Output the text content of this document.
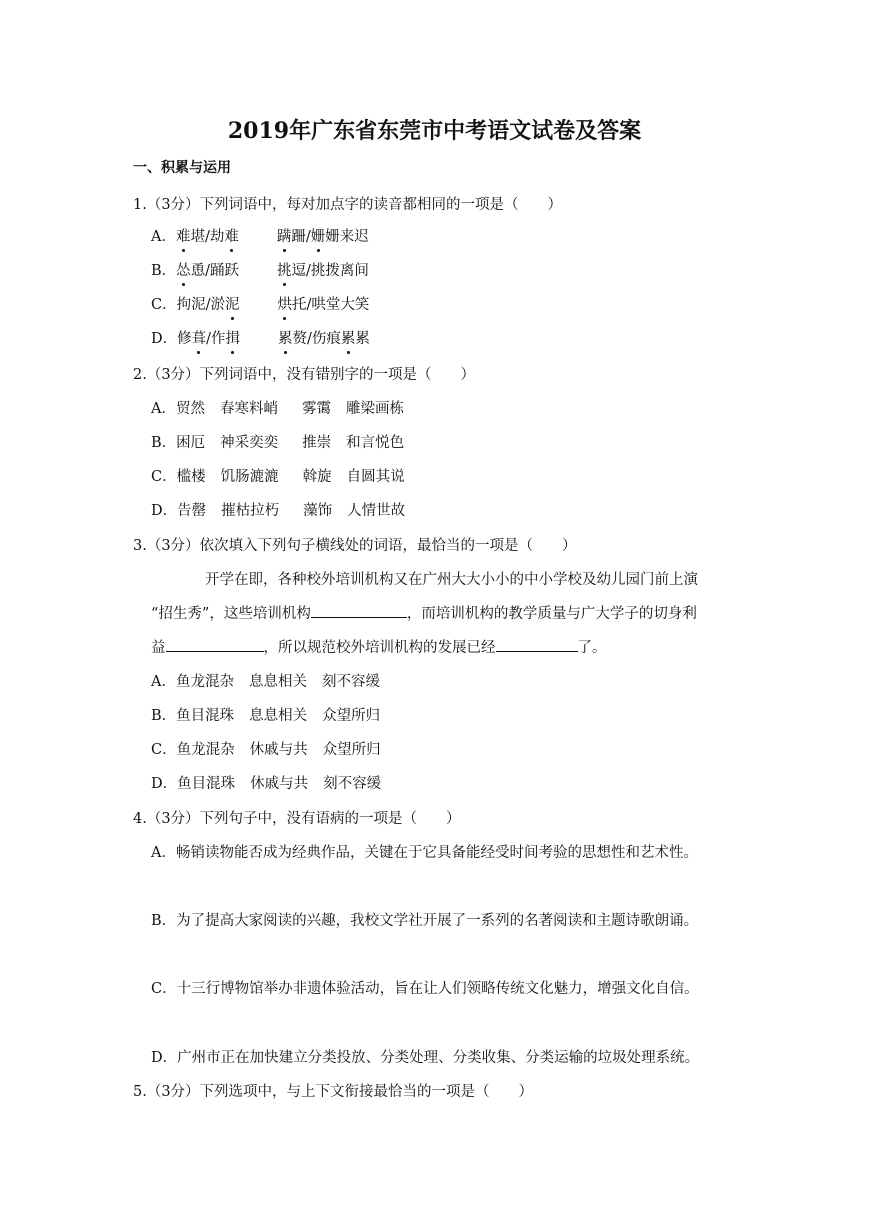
2019年广东省东莞市中考语文试卷及答案
一、积累与运用
1.（3分）下列词语中，每对加点字的读音都相同的一项是（　　）
A．难堪/劫难	蹒跚/姗姗来迟
B．怂恿/踊跃	挑逗/挑拨离间
C．拘泥/淤泥	烘托/哄堂大笑
D．修葺/作揖	累赘/伤痕累累
2.（3分）下列词语中，没有错别字的一项是（　　）
A．贸然 春寒料峭 雾霭 雕梁画栋
B．困厄 神采奕奕 推崇 和言悦色
C．槛楼 饥肠漉漉 斡旋 自圆其说
D．告罄 摧枯拉朽 藻饰 人情世故
3.（3分）依次填入下列句子横线处的词语，最恰当的一项是（　　）
开学在即，各种校外培训机构又在广州大大小小的中小学校及幼儿园门前上演
“招生秀”，这些培训机构	，而培训机构的教学质量与广大学子的切身利
益	，所以规范校外培训机构的发展已经	了。
A．鱼龙混杂 息息相关 刻不容缓
B．鱼目混珠 息息相关 众望所归
C．鱼龙混杂 休戚与共 众望所归
D．鱼目混珠 休戚与共 刻不容缓
4.（3分）下列句子中，没有语病的一项是（　　）
A．畅销读物能否成为经典作品，关键在于它具备能经受时间考验的思想性和艺术性。
B．为了提高大家阅读的兴趣，我校文学社开展了一系列的名著阅读和主题诗歌朗诵。
C．十三行博物馆举办非遗体验活动，旨在让人们领略传统文化魅力，增强文化自信。
D．广州市正在加快建立分类投放、分类处理、分类收集、分类运输的垃圾处理系统。
5.（3分）下列选项中，与上下文衔接最恰当的一项是（　　）
